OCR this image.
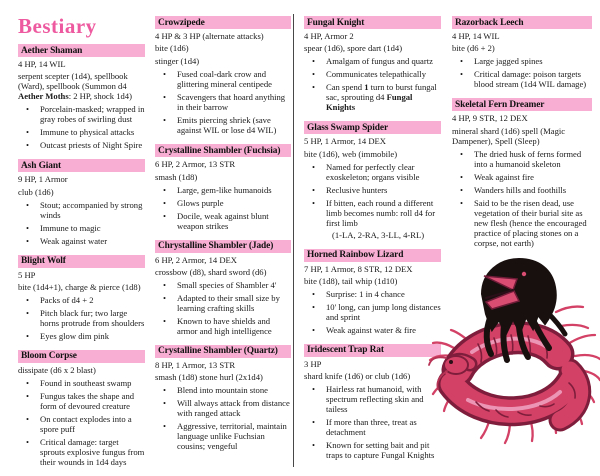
Bestiary
Aether Shaman

4 HP, 14 WIL

serpent scepter (1d4), spellbook (Ward), spellbook (Summon d4 Aether Moths: 2 HP, shock 1d4)

•	Porcelain-masked; wrapped in gray robes of swirling dust
•	Immune to physical attacks
•	Outcast priests of Night Spire
Ash Giant

9 HP, 1 Armor

club (1d6)

•	Stout; accompanied by strong winds
•	Immune to magic
•	Weak against water
Blight Wolf

5 HP

bite (1d4+1), charge & pierce (1d8)

•	Packs of d4 + 2
•	Pitch black fur; two large horns protrude from shoulders
•	Eyes glow dim pink
Bloom Corpse

dissipate (d6 x 2 blast)

•	Found in southeast swamp
•	Fungus takes the shape and form of devoured creature
•	On contact explodes into a spore puff
•	Critical damage: target sprouts explosive fungus from their wounds in 1d4 days
Crowzipede

4 HP & 3 HP (alternate attacks)

bite (1d6)

stinger (1d4)

•	Fused coal-dark crow and glittering mineral centipede
•	Scavengers that hoard anything in their barrow
•	Emits piercing shriek (save against WIL or lose d4 WIL)
Crystalline Shambler (Fuchsia)

6 HP, 2 Armor, 13 STR

smash (1d8)

•	Large, gem-like humanoids
•	Glows purple
•	Docile, weak against blunt weapon strikes
Chrystalline Shambler (Jade)

6 HP, 2 Armor, 14 DEX

crossbow (d8), shard sword (d6)

•	Small species of Shambler 4'
•	Adapted to their small size by learning crafting skills
•	Known to have shields and armor and high intelligence
Crystalline Shambler (Quartz)

8 HP, 1 Armor, 13 STR

smash (1d8) stone hurl (2x1d4)

•	Blend into mountain stone
•	Will always attack from distance with ranged attack
•	Aggressive, territorial, maintain language unlike Fuchsian cousins; vengeful
Fungal Knight

4 HP, Armor 2

spear (1d6), spore dart (1d4)

•	Amalgam of fungus and quartz
•	Communicates telepathically
•	Can spend 1 turn to burst fungal sac, sprouting d4 Fungal Knights
Glass Swamp Spider

5 HP, 1 Armor, 14 DEX

bite (1d6), web (immobile)

•	Named for perfectly clear exoskeleton; organs visible
•	Reclusive hunters
•	If bitten, each round a different limb becomes numb: roll d4 for first limb

(1-LA, 2-RA, 3-LL, 4-RL)

Horned Rainbow Lizard

7 HP, 1 Armor, 8 STR, 12 DEX

bite (1d8), tail whip (1d10)

•	Surprise: 1 in 4 chance
•	10' long, can jump long distances and sprint
•	Weak against water & fire
Iridescent Trap Rat

3 HP

shard knife (1d6) or club (1d6)

•	Hairless rat humanoid, with spectrum reflecting skin and tailess
•	If more than three, treat as detachment
•	Known for setting bait and pit traps to capture Fungal Knights
Razorback Leech

4 HP, 14 WIL

bite (d6 + 2)

•	Large jagged spines
•	Critical damage: poison targets blood stream (1d4 WIL damage)
Skeletal Fern Dreamer

4 HP, 9 STR, 12 DEX

mineral shard (1d6) spell (Magic Dampener), Spell (Sleep)

•	The dried husk of ferns formed into a humanoid skeleton
•	Weak against fire
•	Wanders hills and foothills
•	Said to be the risen dead, use vegetation of their burial site as new flesh (hence the encouraged practice of placing stones on a corpse, not earth)
